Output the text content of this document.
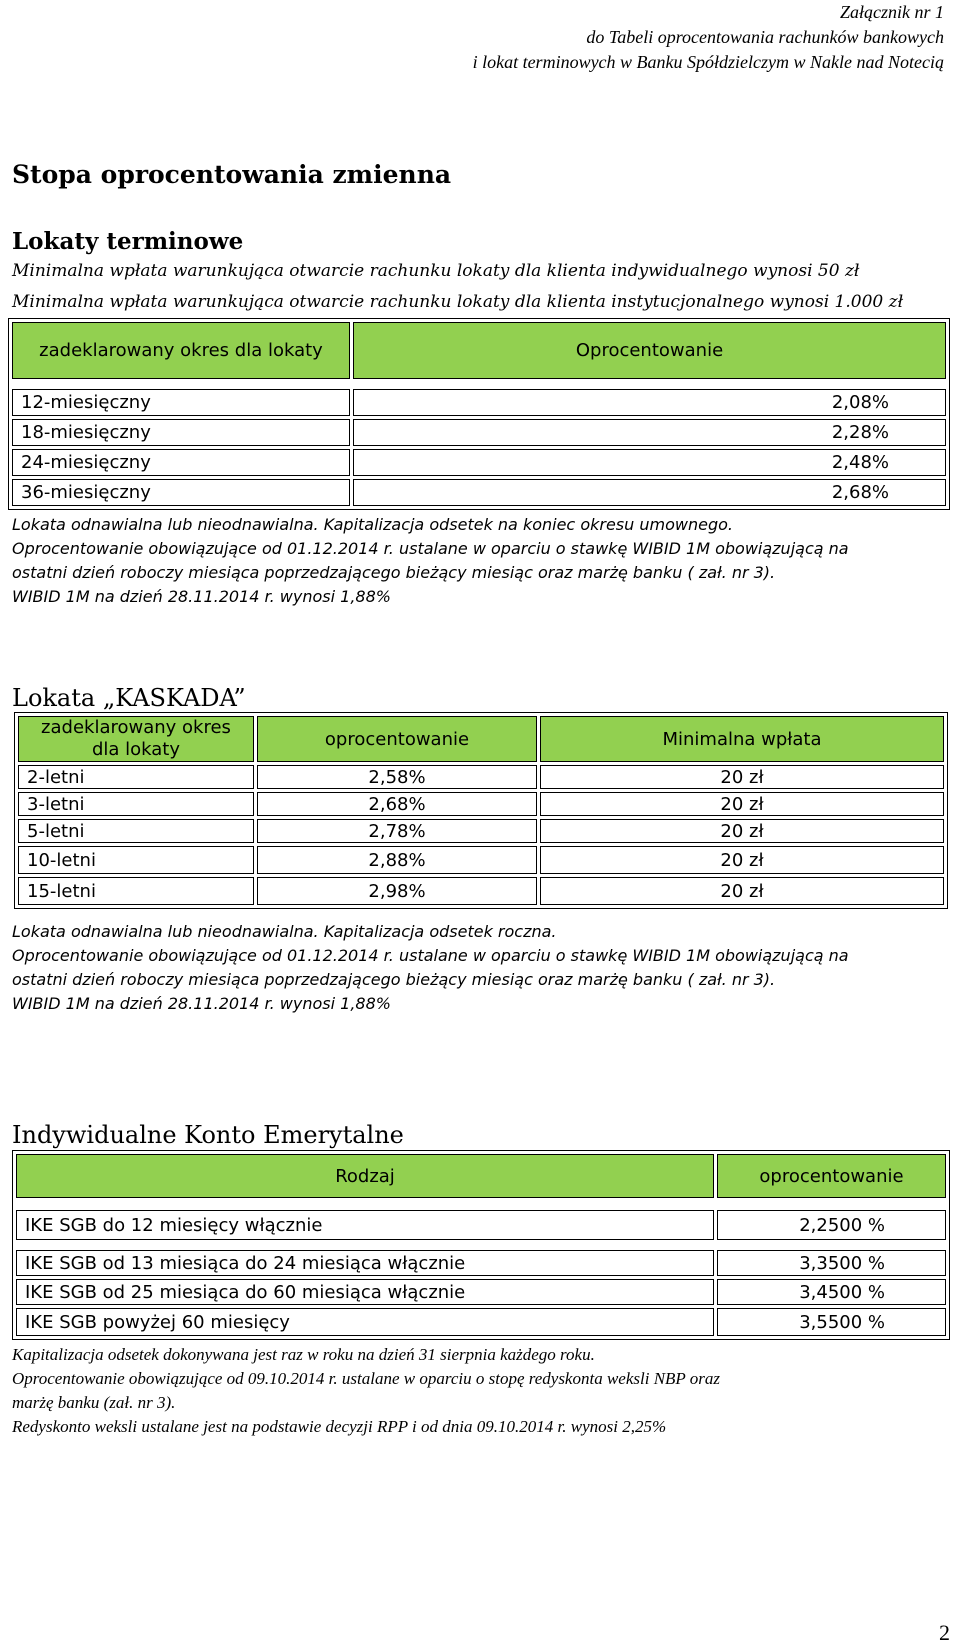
Załącznik nr 1
do Tabeli oprocentowania rachunków bankowych
i lokat terminowych w Banku Spółdzielczym w Nakle nad Notecią
Stopa oprocentowania zmienna
Lokaty terminowe
Minimalna wpłata warunkująca otwarcie rachunku lokaty dla klienta indywidualnego wynosi 50 zł
Minimalna wpłata warunkująca otwarcie rachunku lokaty dla klienta instytucjonalnego wynosi 1.000 zł
zadeklarowany okres dla lokaty	Oprocentowanie

12-miesięczny	2,08%
18-miesięczny	2,28%
24-miesięczny	2,48%
36-miesięczny	2,68%
Lokata odnawialna lub nieodnawialna. Kapitalizacja odsetek na koniec okresu umownego.
Oprocentowanie obowiązujące od 01.12.2014 r. ustalane w oparciu o stawkę WIBID 1M obowiązującą na
ostatni dzień roboczy miesiąca poprzedzającego bieżący miesiąc oraz marżę banku ( zał. nr 3).
WIBID 1M na dzień 28.11.2014 r. wynosi 1,88%
Lokata „KASKADA”
zadeklarowany okres dla lokaty	oprocentowanie	Minimalna wpłata
2-letni	2,58%	20 zł
3-letni	2,68%	20 zł
5-letni	2,78%	20 zł
10-letni	2,88%	20 zł
15-letni	2,98%	20 zł
Lokata odnawialna lub nieodnawialna. Kapitalizacja odsetek roczna.
Oprocentowanie obowiązujące od 01.12.2014 r. ustalane w oparciu o stawkę WIBID 1M obowiązującą na
ostatni dzień roboczy miesiąca poprzedzającego bieżący miesiąc oraz marżę banku ( zał. nr 3).
WIBID 1M na dzień 28.11.2014 r. wynosi 1,88%
Indywidualne Konto Emerytalne
Rodzaj	oprocentowanie

IKE SGB do 12 miesięcy włącznie	2,2500 %

IKE SGB od 13 miesiąca do 24 miesiąca włącznie	3,3500 %
IKE SGB od 25 miesiąca do 60 miesiąca włącznie	3,4500 %
IKE SGB powyżej 60 miesięcy	3,5500 %
Kapitalizacja odsetek dokonywana jest raz w roku na dzień 31 sierpnia każdego roku.
Oprocentowanie obowiązujące od 09.10.2014 r. ustalane w oparciu o stopę redyskonta weksli NBP oraz
marżę banku (zał. nr 3).
Redyskonto weksli ustalane jest na podstawie decyzji RPP i od dnia 09.10.2014 r. wynosi 2,25%
2
